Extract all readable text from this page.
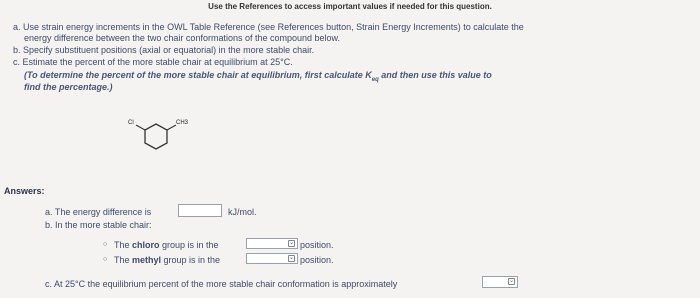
Use the References to access important values if needed for this question.
a. Use strain energy increments in the OWL Table Reference (see References button, Strain Energy Increments) to calculate the
energy difference between the two chair conformations of the compound below.
b. Specify substituent positions (axial or equatorial) in the more stable chair.
c. Estimate the percent of the more stable chair at equilibrium at 25°C.
(To determine the percent of the more stable chair at equilibrium, first calculate $K_{eq}$ and then use this value to
find the percentage.)
Cl	CH3
Answers:
a. The energy difference is	kJ/mol.
b. In the more stable chair:
○ The chloro group is in the	⌄ position.
○ The methyl group is in the	⌄ position.
c. At 25°C the equilibrium percent of the more stable chair conformation is approximately	⌄
